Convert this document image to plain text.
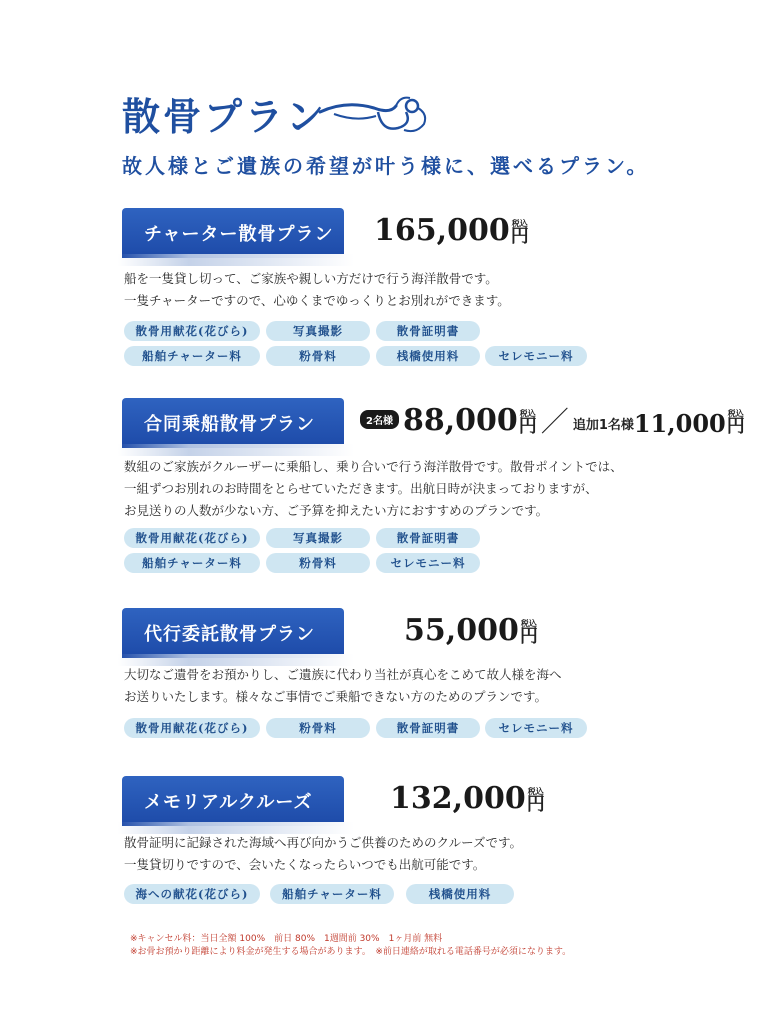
散骨プラン
故人様とご遺族の希望が叶う様に、選べるプラン。
チャーター散骨プラン 165,000 税込
円
船を一隻貸し切って、ご家族や親しい方だけで行う海洋散骨です。
一隻チャーターですので、心ゆくまでゆっくりとお別れができます。
散骨用献花(花びら)	写真撮影	散骨証明書
船舶チャーター料	粉骨料	桟橋使用料	セレモニー料
合同乗船散骨プラン	2名様 88,000 税込
円 ／ 追加1名様 11,000 税込
円
数組のご家族がクルーザーに乗船し、乗り合いで行う海洋散骨です。散骨ポイントでは、
一組ずつお別れのお時間をとらせていただきます。出航日時が決まっておりますが、
お見送りの人数が少ない方、ご予算を抑えたい方におすすめのプランです。
散骨用献花(花びら)	写真撮影	散骨証明書
船舶チャーター料	粉骨料	セレモニー料
代行委託散骨プラン	55,000 税込
円
大切なご遺骨をお預かりし、ご遺族に代わり当社が真心をこめて故人様を海へ
お送りいたします。様々なご事情でご乗船できない方のためのプランです。
散骨用献花(花びら)	粉骨料	散骨証明書	セレモニー料
メモリアルクルーズ	132,000 税込
円
散骨証明に記録された海域へ再び向かうご供養のためのクルーズです。
一隻貸切りですので、会いたくなったらいつでも出航可能です。
海への献花(花びら)	船舶チャーター料	桟橋使用料
※キャンセル料：当日全額 100%　前日 80%　1週間前 30%　1ヶ月前 無料
※お骨お預かり距離により料金が発生する場合があります。　※前日連絡が取れる電話番号が必須になります。
